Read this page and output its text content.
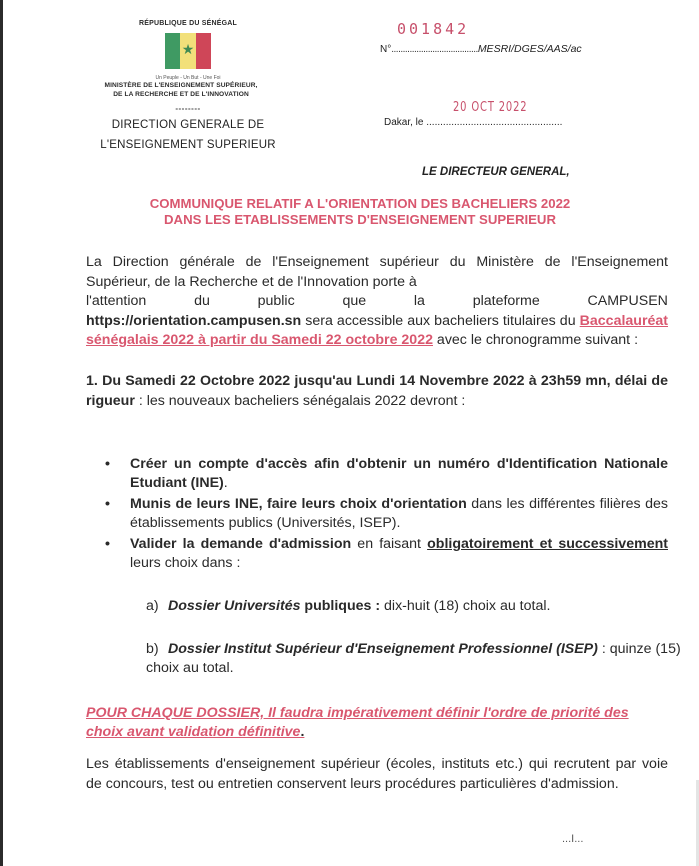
RÉPUBLIQUE DU SÉNÉGAL
★
Un Peuple - Un But - Une Foi
MINISTÈRE DE L'ENSEIGNEMENT SUPÉRIEUR,
DE LA RECHERCHE ET DE L'INNOVATION
--------
DIRECTION GENERALE DE
L'ENSEIGNEMENT SUPERIEUR
001842
N°......................................MESRI/DGES/AAS/ac
20 OCT 2022
Dakar, le .................................................
LE DIRECTEUR GENERAL,
COMMUNIQUE RELATIF A L'ORIENTATION DES BACHELIERS 2022
DANS LES ETABLISSEMENTS D'ENSEIGNEMENT SUPERIEUR
La Direction générale de l'Enseignement supérieur du Ministère de l'Enseignement Supérieur, de la Recherche et de l'Innovation porte à
l'attention	du	public	que	la	plateforme	CAMPUSEN
https://orientation.campusen.sn sera accessible aux bacheliers titulaires du Baccalauréat sénégalais 2022 à partir du Samedi 22 octobre 2022 avec le chronogramme suivant :
1. Du Samedi 22 Octobre 2022 jusqu'au Lundi 14 Novembre 2022 à 23h59 mn, délai de rigueur : les nouveaux bacheliers sénégalais 2022 devront :
•	Créer un compte d'accès afin d'obtenir un numéro d'Identification Nationale Etudiant (INE).
•	Munis de leurs INE, faire leurs choix d'orientation dans les différentes filières des établissements publics (Universités, ISEP).
•	Valider la demande d'admission en faisant obligatoirement et successivement leurs choix dans :
a) Dossier Universités publiques : dix-huit (18) choix au total.
b) Dossier Institut Supérieur d'Enseignement Professionnel (ISEP) : quinze (15) choix au total.
POUR CHAQUE DOSSIER, Il faudra impérativement définir l'ordre de priorité des choix avant validation définitive.
Les établissements d'enseignement supérieur (écoles, instituts etc.) qui recrutent par voie de concours, test ou entretien conservent leurs procédures particulières d'admission.
...I...
